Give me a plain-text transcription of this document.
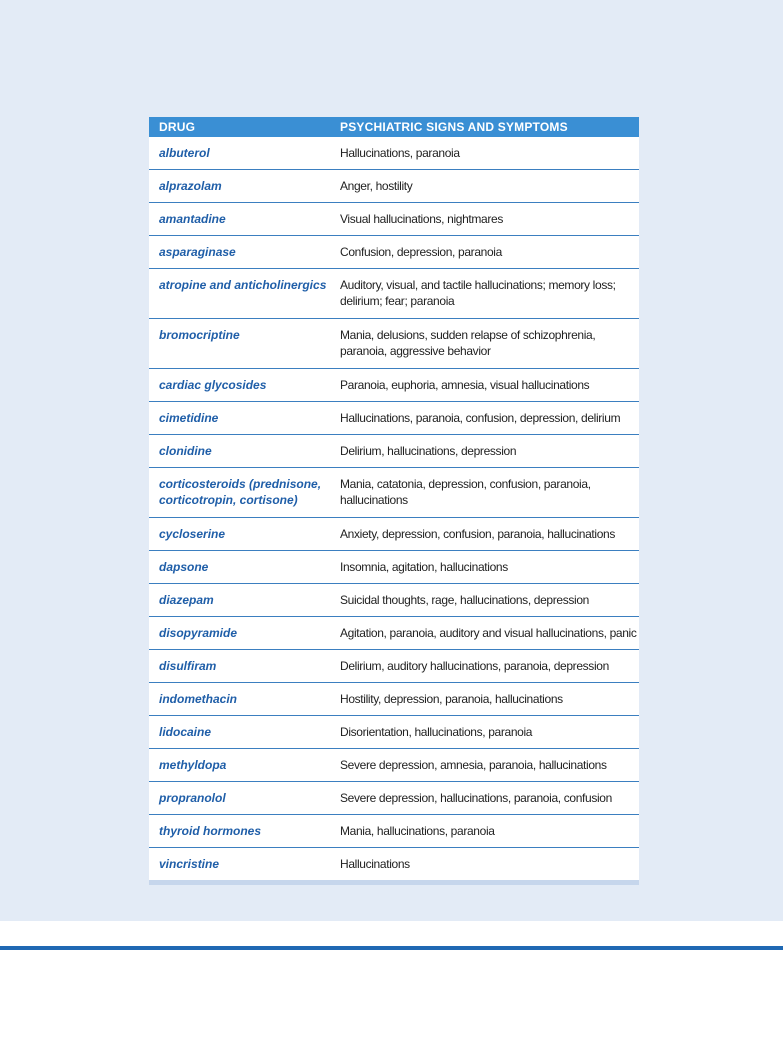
DRUG	PSYCHIATRIC SIGNS AND SYMPTOMS
albuterol	Hallucinations, paranoia
alprazolam	Anger, hostility
amantadine	Visual hallucinations, nightmares
asparaginase	Confusion, depression, paranoia
atropine and anticholinergics	Auditory, visual, and tactile hallucinations; memory loss; delirium; fear; paranoia
bromocriptine	Mania, delusions, sudden relapse of schizophrenia, paranoia, aggressive behavior
cardiac glycosides	Paranoia, euphoria, amnesia, visual hallucinations
cimetidine	Hallucinations, paranoia, confusion, depression, delirium
clonidine	Delirium, hallucinations, depression
corticosteroids (prednisone, corticotropin, cortisone)	Mania, catatonia, depression, confusion, paranoia, hallucinations
cycloserine	Anxiety, depression, confusion, paranoia, hallucinations
dapsone	Insomnia, agitation, hallucinations
diazepam	Suicidal thoughts, rage, hallucinations, depression
disopyramide	Agitation, paranoia, auditory and visual hallucinations, panic
disulfiram	Delirium, auditory hallucinations, paranoia, depression
indomethacin	Hostility, depression, paranoia, hallucinations
lidocaine	Disorientation, hallucinations, paranoia
methyldopa	Severe depression, amnesia, paranoia, hallucinations
propranolol	Severe depression, hallucinations, paranoia, confusion
thyroid hormones	Mania, hallucinations, paranoia
vincristine	Hallucinations
